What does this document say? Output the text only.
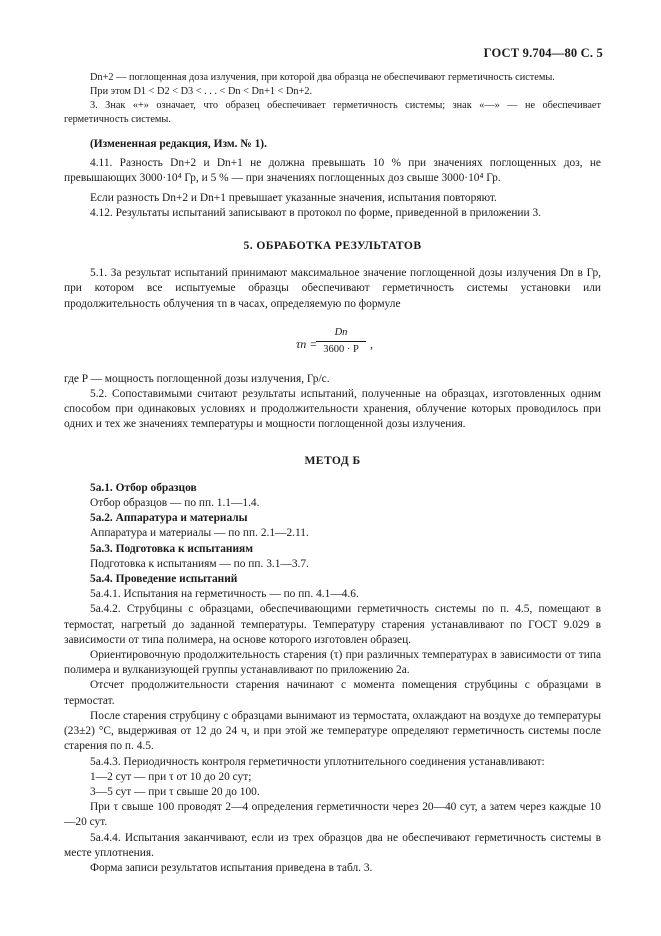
ГОСТ 9.704—80 С. 5
Dn+2 — поглощенная доза излучения, при которой два образца не обеспечивают герметичность системы.
При этом D1 < D2 < D3 < . . . < Dn < Dn+1 < Dn+2.
3. Знак «+» означает, что образец обеспечивает герметичность системы; знак «—» — не обеспечивает герметичность системы.
(Измененная редакция, Изм. № 1).
4.11. Разность Dn+2 и Dn+1 не должна превышать 10 % при значениях поглощенных доз, не превышающих 3000·10⁴ Гр, и 5 % — при значениях поглощенных доз свыше 3000·10⁴ Гр.
Если разность Dn+2 и Dn+1 превышает указанные значения, испытания повторяют.
4.12. Результаты испытаний записывают в протокол по форме, приведенной в приложении 3.
5. ОБРАБОТКА РЕЗУЛЬТАТОВ
5.1. За результат испытаний принимают максимальное значение поглощенной дозы излучения Dn в Гр, при котором все испытуемые образцы обеспечивают герметичность системы установки или продолжительность облучения τn в часах, определяемую по формуле
τn =
Dn
3600 · P ,
где P — мощность поглощенной дозы излучения, Гр/с.
5.2. Сопоставимыми считают результаты испытаний, полученные на образцах, изготовленных одним способом при одинаковых условиях и продолжительности хранения, облучение которых проводилось при одних и тех же значениях температуры и мощности поглощенной дозы излучения.
МЕТОД Б
5а.1. Отбор образцов
Отбор образцов — по пп. 1.1—1.4.
5а.2. Аппаратура и материалы
Аппаратура и материалы — по пп. 2.1—2.11.
5а.3. Подготовка к испытаниям
Подготовка к испытаниям — по пп. 3.1—3.7.
5а.4. Проведение испытаний
5а.4.1. Испытания на герметичность — по пп. 4.1—4.6.
5а.4.2. Струбцины с образцами, обеспечивающими герметичность системы по п. 4.5, помещают в термостат, нагретый до заданной температуры. Температуру старения устанавливают по ГОСТ 9.029 в зависимости от типа полимера, на основе которого изготовлен образец.
Ориентировочную продолжительность старения (τ) при различных температурах в зависимости от типа полимера и вулканизующей группы устанавливают по приложению 2а.
Отсчет продолжительности старения начинают с момента помещения струбцины с образцами в термостат.
После старения струбцину с образцами вынимают из термостата, охлаждают на воздухе до температуры (23±2) °С, выдерживая от 12 до 24 ч, и при этой же температуре определяют герметичность системы после старения по п. 4.5.
5а.4.3. Периодичность контроля герметичности уплотнительного соединения устанавливают:
1—2 сут — при τ от 10 до 20 сут;
3—5 сут — при τ свыше 20 до 100.
При τ свыше 100 проводят 2—4 определения герметичности через 20—40 сут, а затем через каждые 10—20 сут.
5а.4.4. Испытания заканчивают, если из трех образцов два не обеспечивают герметичность системы в месте уплотнения.
Форма записи результатов испытания приведена в табл. 3.
